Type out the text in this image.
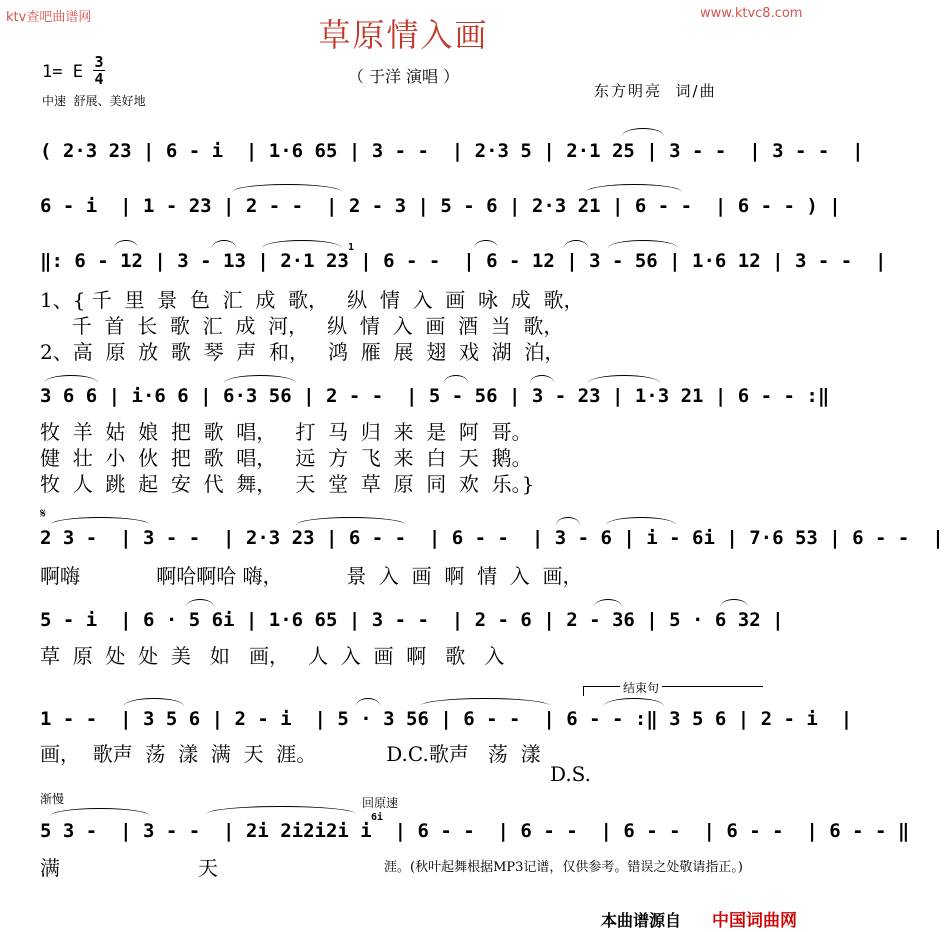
ktv查吧曲谱网	www.ktvc8.com
草原情入画
（ 于洋 演唱 ）
1= E 3
4
中速  舒展、美好地
东方明亮  词/曲
( 2·3 23 | 6 - i  | 1·6 65 | 3 - -  | 2·3 5 | 2·1 25 | 3 - -  | 3 - -  |
6 - i  | 1 - 23 | 2 - -  | 2 - 3 | 5 - 6 | 2·3 21 | 6 - -  | 6 - - ) |
1
‖: 6 - 12 | 3 - 13 | 2·1 23 | 6 - -  | 6 - 12 | 3 - 56 | 1·6 12 | 3 - -  |
1、{ 千  里  景  色  汇  成  歌，   纵  情  入  画  咏  成  歌，
千  首  长  歌  汇  成  河，   纵  情  入  画  酒  当  歌，
2、高  原  放  歌  琴  声  和，   鸿  雁  展  翅  戏  湖  泊，
3 6 6 | i·6 6 | 6·3 56 | 2 - -  | 5 - 56 | 3 - 23 | 1·3 21 | 6 - - :‖
牧  羊  姑  娘  把  歌  唱，   打  马  归  来  是  阿  哥。
健  壮  小  伙  把  歌  唱，   远  方  飞  来  白  天  鹅。
牧  人  跳  起  安  代  舞，   天  堂  草  原  同  欢  乐。}
𝄋
2 3 -  | 3 - -  | 2·3 23 | 6 - -  | 6 - -  | 3 - 6 | i - 6i | 7·6 53 | 6 - -  |
啊嗨            啊哈啊哈 嗨，          景  入  画  啊  情  入  画，
5 - i  | 6 · 5 6i | 1·6 65 | 3 - -  | 2 - 6 | 2 - 36 | 5 · 6 32 |
草  原  处  处  美   如   画，   人  入  画  啊   歌   入
结束句
1 - -  | 3 5 6 | 2 - i  | 5 · 3 56 | 6 - -  | 6 - - :‖ 3 5 6 | 2 - i  |
画，  歌声  荡  漾  满  天  涯。           D.C.歌声   荡  漾
D.S.
渐慢	回原速
6i
5 3 -  | 3 - -  | 2i 2i2i2i i  | 6 - -  | 6 - -  | 6 - -  | 6 - -  | 6 - - ‖
满	天	涯。(秋叶起舞根据MP3记谱，仅供参考。错误之处敬请指正。)
本曲谱源自 中国词曲网
